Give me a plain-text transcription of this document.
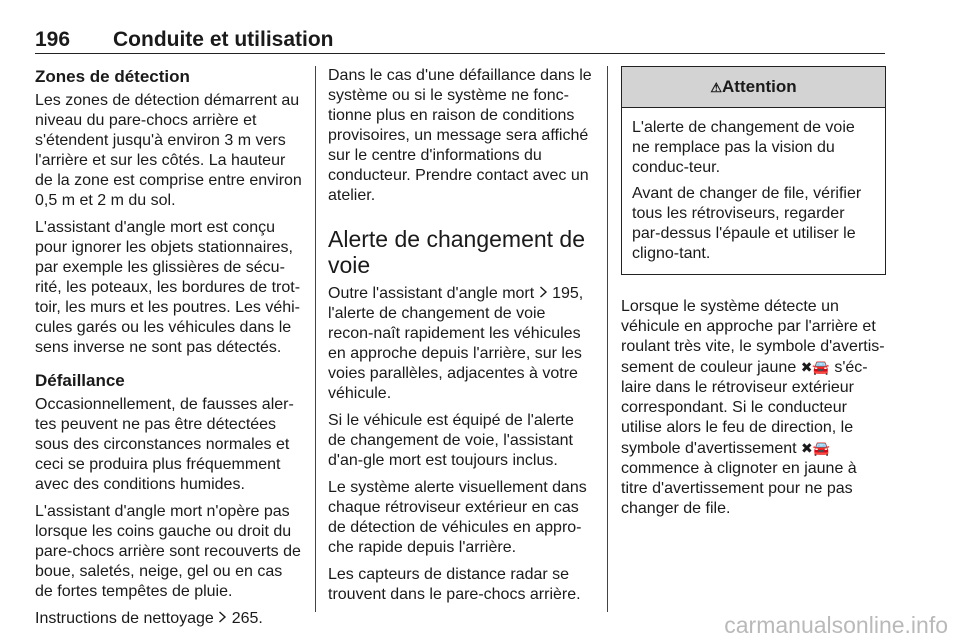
196 Conduite et utilisation
Zones de détection

Les zones de détection démarrent au niveau du pare-chocs arrière et s'étendent jusqu'à environ 3 m vers l'arrière et sur les côtés. La hauteur de la zone est comprise entre environ 0,5 m et 2 m du sol.

L'assistant d'angle mort est conçu pour ignorer les objets stationnaires, par exemple les glissières de sécu-rité, les poteaux, les bordures de trot-toir, les murs et les poutres. Les véhi-cules garés ou les véhicules dans le sens inverse ne sont pas détectés.

Défaillance

Occasionnellement, de fausses aler-tes peuvent ne pas être détectées sous des circonstances normales et ceci se produira plus fréquemment avec des conditions humides.

L'assistant d'angle mort n'opère pas lorsque les coins gauche ou droit du pare-chocs arrière sont recouverts de boue, saletés, neige, gel ou en cas de fortes tempêtes de pluie.

Instructions de nettoyage 265.

Dans le cas d'une défaillance dans le système ou si le système ne fonc-tionne plus en raison de conditions provisoires, un message sera affiché sur le centre d'informations du conducteur. Prendre contact avec un atelier.

Alerte de changement de voie

Outre l'assistant d'angle mort 195, l'alerte de changement de voie recon-naît rapidement les véhicules en approche depuis l'arrière, sur les voies parallèles, adjacentes à votre véhicule.

Si le véhicule est équipé de l'alerte de changement de voie, l'assistant d'an-gle mort est toujours inclus.

Le système alerte visuellement dans chaque rétroviseur extérieur en cas de détection de véhicules en appro-che rapide depuis l'arrière.

Les capteurs de distance radar se trouvent dans le pare-chocs arrière.

⚠Attention

L'alerte de changement de voie ne remplace pas la vision du conduc-teur.

Avant de changer de file, vérifier tous les rétroviseurs, regarder par-dessus l'épaule et utiliser le cligno-tant.

Lorsque le système détecte un véhicule en approche par l'arrière et roulant très vite, le symbole d'avertis-sement de couleur jaune ✖🚘 s'éc-laire dans le rétroviseur extérieur correspondant. Si le conducteur utilise alors le feu de direction, le symbole d'avertissement ✖🚘 commence à clignoter en jaune à titre d'avertissement pour ne pas changer de file.

carmanualsonline.info
